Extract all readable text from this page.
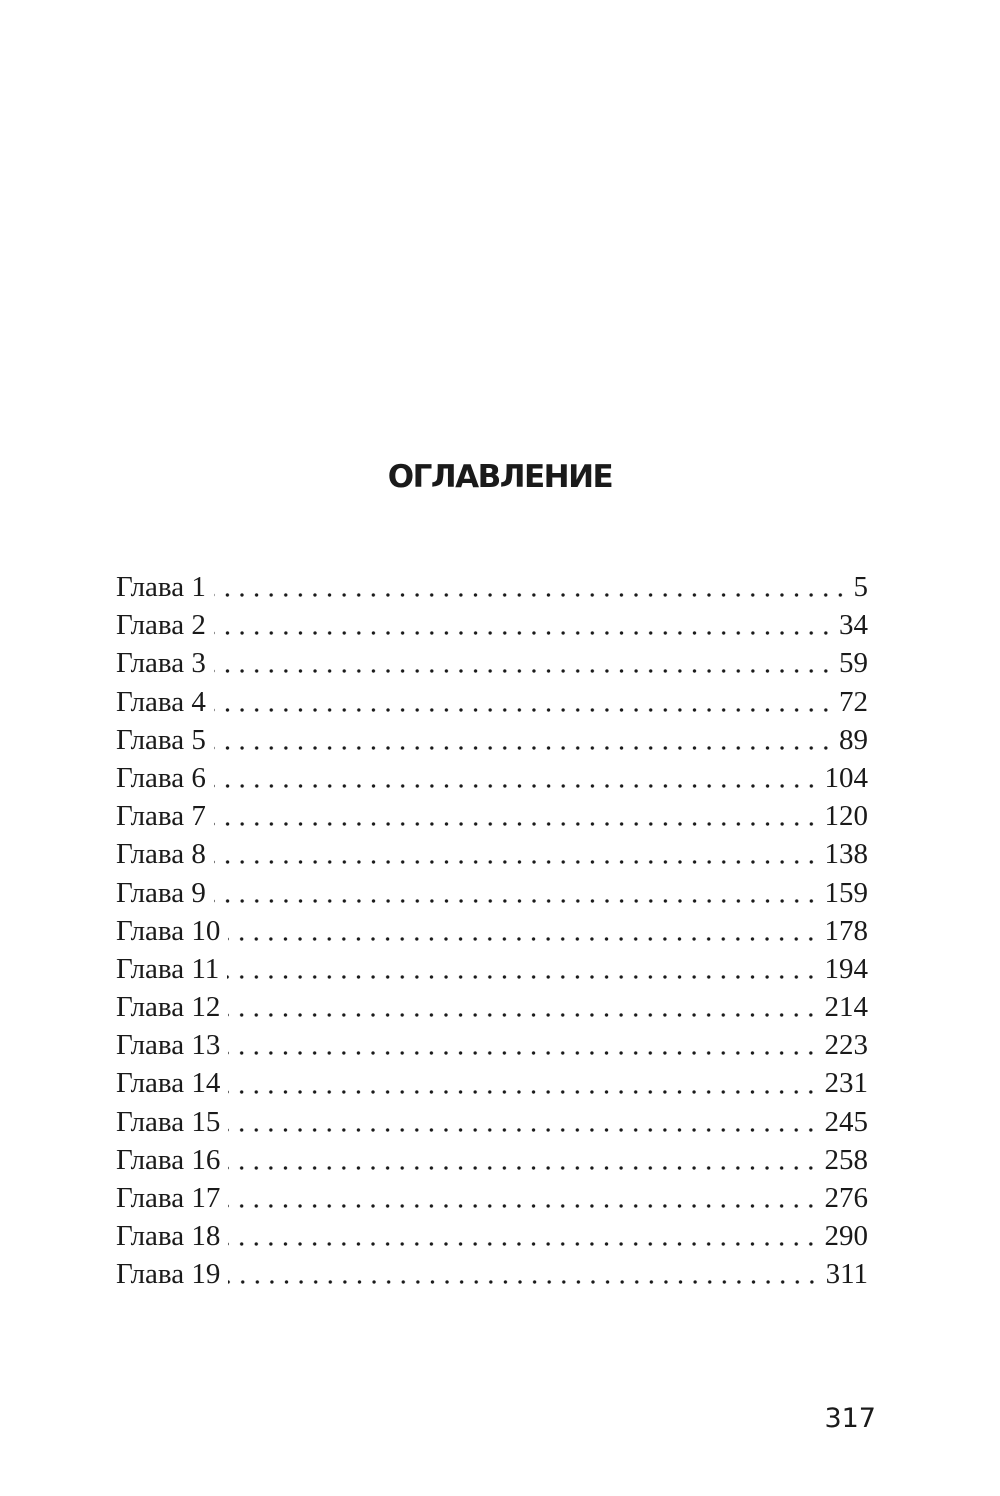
ОГЛАВЛЕНИЕ
Глава 1	5
Глава 2	34
Глава 3	59
Глава 4	72
Глава 5	89
Глава 6	104
Глава 7	120
Глава 8	138
Глава 9	159
Глава 10	178
Глава 11	194
Глава 12	214
Глава 13	223
Глава 14	231
Глава 15	245
Глава 16	258
Глава 17	276
Глава 18	290
Глава 19	311
317
